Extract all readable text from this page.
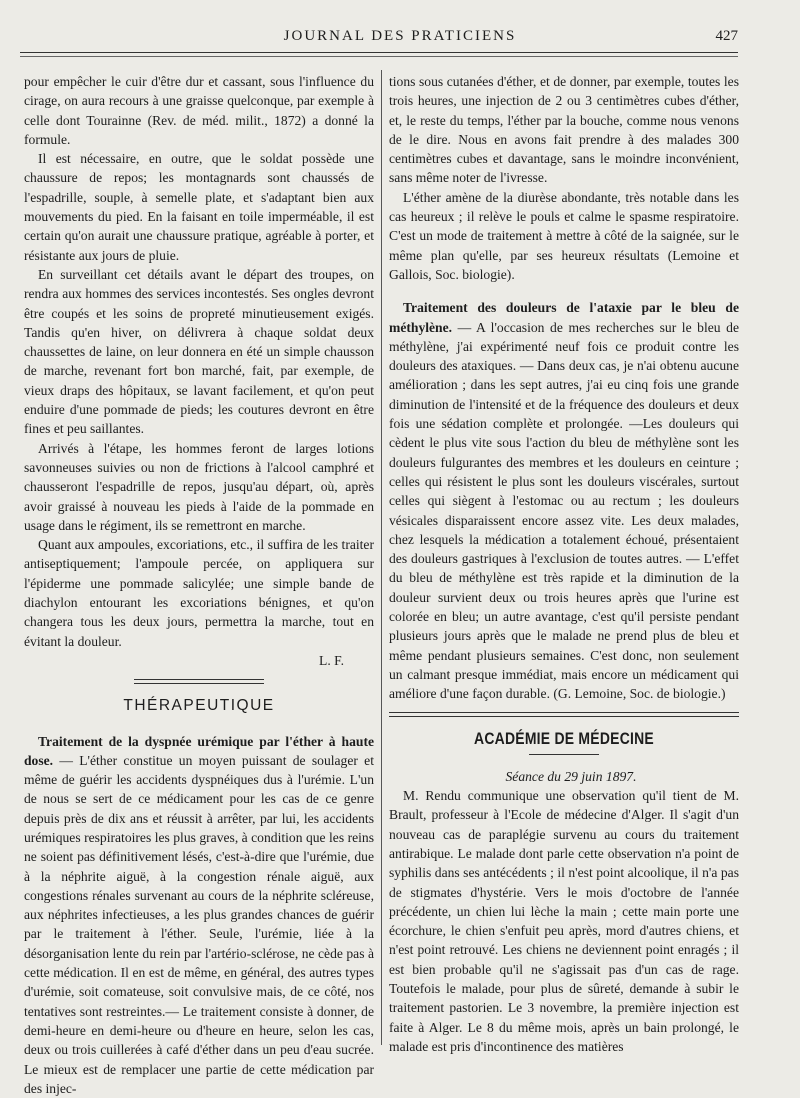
JOURNAL DES PRATICIENS	427

pour empêcher le cuir d'être dur et cassant, sous l'influence du cirage, on aura recours à une graisse quelconque, par exemple à celle dont Tourainne (Rev. de méd. milit., 1872) a donné la formule.

Il est nécessaire, en outre, que le soldat possède une chaussure de repos; les montagnards sont chaussés de l'espadrille, souple, à semelle plate, et s'adaptant bien aux mouvements du pied. En la faisant en toile imperméable, il est certain qu'on aurait une chaussure pratique, agréable à porter, et résistante aux jours de pluie.

En surveillant cet détails avant le départ des troupes, on rendra aux hommes des services incontestés. Ses ongles devront être coupés et les soins de propreté minutieusement exigés. Tandis qu'en hiver, on délivrera à chaque soldat deux chaussettes de laine, on leur donnera en été un simple chausson de marche, revenant fort bon marché, fait, par exemple, de vieux draps des hôpitaux, se lavant facilement, et qu'on peut enduire d'une pommade de pieds; les coutures devront en être fines et peu saillantes.

Arrivés à l'étape, les hommes feront de larges lotions savonneuses suivies ou non de frictions à l'alcool camphré et chausseront l'espadrille de repos, jusqu'au départ, où, après avoir graissé à nouveau les pieds à l'aide de la pommade en usage dans le régiment, ils se remettront en marche.

Quant aux ampoules, excoriations, etc., il suffira de les traiter antiseptiquement; l'ampoule percée, on appliquera sur l'épiderme une pommade salicylée; une simple bande de diachylon entourant les excoriations bénignes, et qu'on changera tous les deux jours, permettra la marche, tout en évitant la douleur.

L. F.

THÉRAPEUTIQUE

Traitement de la dyspnée urémique par l'éther à haute dose. — L'éther constitue un moyen puissant de soulager et même de guérir les accidents dyspnéiques dus à l'urémie. L'un de nous se sert de ce médicament pour les cas de ce genre depuis près de dix ans et réussit à arrêter, par lui, les accidents urémiques respiratoires les plus graves, à condition que les reins ne soient pas définitivement lésés, c'est-à-dire que l'urémie, due à la néphrite aiguë, à la congestion rénale aiguë, aux congestions rénales survenant au cours de la néphrite scléreuse, aux néphrites infectieuses, a les plus grandes chances de guérir par le traitement à l'éther. Seule, l'urémie, liée à la désorganisation lente du rein par l'artério-sclérose, ne cède pas à cette médication. Il en est de même, en général, des autres types d'urémie, soit comateuse, soit convulsive mais, de ce côté, nos tentatives sont restreintes.— Le traitement consiste à donner, de demi-heure en demi-heure ou d'heure en heure, selon les cas, deux ou trois cuillerées à café d'éther dans un peu d'eau sucrée. Le mieux est de remplacer une partie de cette médication par des injec-

tions sous cutanées d'éther, et de donner, par exemple, toutes les trois heures, une injection de 2 ou 3 centimètres cubes d'éther, et, le reste du temps, l'éther par la bouche, comme nous venons de le dire. Nous en avons fait prendre à des malades 300 centimètres cubes et davantage, sans le moindre inconvénient, sans même noter de l'ivresse.

L'éther amène de la diurèse abondante, très notable dans les cas heureux ; il relève le pouls et calme le spasme respiratoire. C'est un mode de traitement à mettre à côté de la saignée, sur le même plan qu'elle, par ses heureux résultats (Lemoine et Gallois, Soc. biologie).

Traitement des douleurs de l'ataxie par le bleu de méthylène. — A l'occasion de mes recherches sur le bleu de méthylène, j'ai expérimenté neuf fois ce produit contre les douleurs des ataxiques. — Dans deux cas, je n'ai obtenu aucune amélioration ; dans les sept autres, j'ai eu cinq fois une grande diminution de l'intensité et de la fréquence des douleurs et deux fois une sédation complète et prolongée. —Les douleurs qui cèdent le plus vite sous l'action du bleu de méthylène sont les douleurs fulgurantes des membres et les douleurs en ceinture ; celles qui résistent le plus sont les douleurs viscérales, surtout celles qui siègent à l'estomac ou au rectum ; les douleurs vésicales disparaissent encore assez vite. Les deux malades, chez lesquels la médication a totalement échoué, présentaient des douleurs gastriques à l'exclusion de toutes autres. — L'effet du bleu de méthylène est très rapide et la diminution de la douleur survient deux ou trois heures après que l'urine est colorée en bleu; un autre avantage, c'est qu'il persiste pendant plusieurs jours après que le malade ne prend plus de bleu et même pendant plusieurs semaines. C'est donc, non seulement un calmant presque immédiat, mais encore un médicament qui améliore d'une façon durable. (G. Lemoine, Soc. de biologie.)

ACADÉMIE DE MÉDECINE

Séance du 29 juin 1897.

M. Rendu communique une observation qu'il tient de M. Brault, professeur à l'Ecole de médecine d'Alger. Il s'agit d'un nouveau cas de paraplégie survenu au cours du traitement antirabique. Le malade dont parle cette observation n'a point de syphilis dans ses antécédents ; il n'est point alcoolique, il n'a pas de stigmates d'hystérie. Vers le mois d'octobre de l'année précédente, un chien lui lèche la main ; cette main porte une écorchure, le chien s'enfuit peu après, mord d'autres chiens, et n'est point retrouvé. Les chiens ne deviennent point enragés ; il est bien probable qu'il ne s'agissait pas d'un cas de rage. Toutefois le malade, pour plus de sûreté, demande à subir le traitement pastorien. Le 3 novembre, la première injection est faite à Alger. Le 8 du même mois, après un bain prolongé, le malade est pris d'incontinence des matières
